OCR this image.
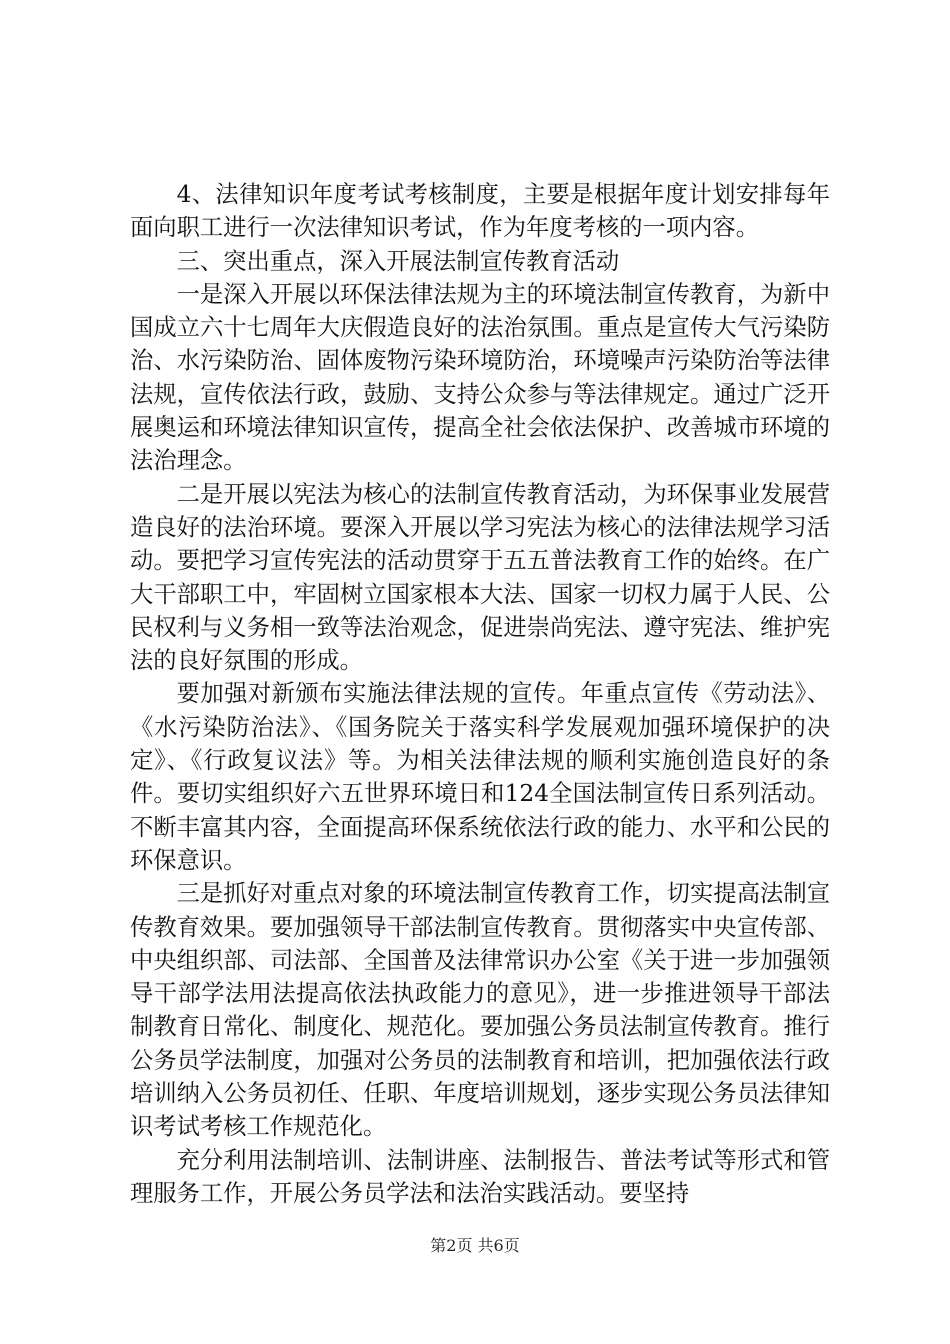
4、法律知识年度考试考核制度，主要是根据年度计划安排每年面向职工进行一次法律知识考试，作为年度考核的一项内容。

三、突出重点，深入开展法制宣传教育活动

一是深入开展以环保法律法规为主的环境法制宣传教育，为新中国成立六十七周年大庆假造良好的法治氛围。重点是宣传大气污染防治、水污染防治、固体废物污染环境防治，环境噪声污染防治等法律法规，宣传依法行政，鼓励、支持公众参与等法律规定。通过广泛开展奥运和环境法律知识宣传，提高全社会依法保护、改善城市环境的法治理念。

二是开展以宪法为核心的法制宣传教育活动，为环保事业发展营造良好的法治环境。要深入开展以学习宪法为核心的法律法规学习活动。要把学习宣传宪法的活动贯穿于五五普法教育工作的始终。在广大干部职工中，牢固树立国家根本大法、国家一切权力属于人民、公民权利与义务相一致等法治观念，促进崇尚宪法、遵守宪法、维护宪法的良好氛围的形成。

要加强对新颁布实施法律法规的宣传。年重点宣传《劳动法》、《水污染防治法》、《国务院关于落实科学发展观加强环境保护的决定》、《行政复议法》等。为相关法律法规的顺利实施创造良好的条件。要切实组织好六五世界环境日和124全国法制宣传日系列活动。不断丰富其内容，全面提高环保系统依法行政的能力、水平和公民的环保意识。

三是抓好对重点对象的环境法制宣传教育工作，切实提高法制宣传教育效果。要加强领导干部法制宣传教育。贯彻落实中央宣传部、中央组织部、司法部、全国普及法律常识办公室《关于进一步加强领导干部学法用法提高依法执政能力的意见》，进一步推进领导干部法制教育日常化、制度化、规范化。要加强公务员法制宣传教育。推行公务员学法制度，加强对公务员的法制教育和培训，把加强依法行政培训纳入公务员初任、任职、年度培训规划，逐步实现公务员法律知识考试考核工作规范化。

充分利用法制培训、法制讲座、法制报告、普法考试等形式和管理服务工作，开展公务员学法和法治实践活动。要坚持

第2页 共6页
